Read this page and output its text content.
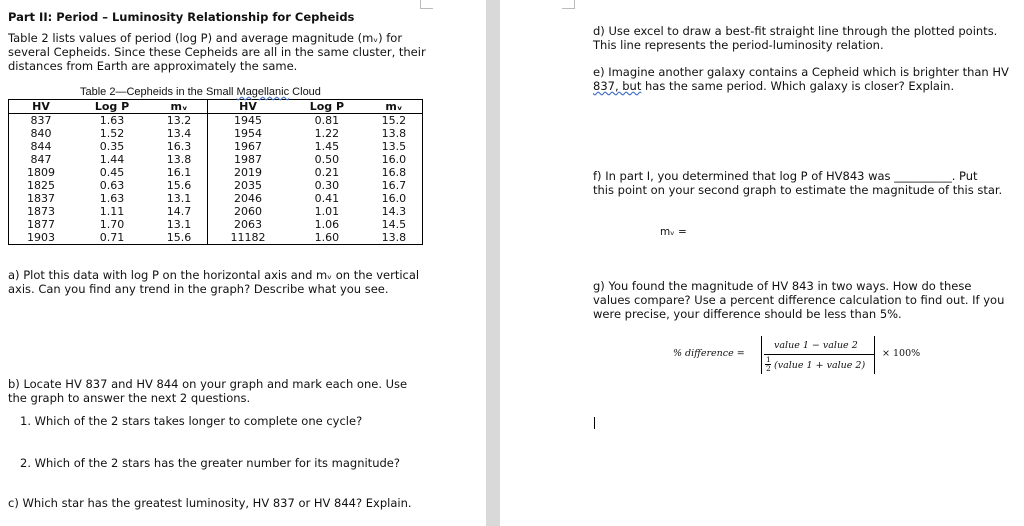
Part II: Period – Luminosity Relationship for Cepheids
Table 2 lists values of period (log P) and average magnitude (mᵥ) for
several Cepheids. Since these Cepheids are all in the same cluster, their
distances from Earth are approximately the same.
Table 2—Cepheids in the Small Magellanic Cloud
HV	Log P	mᵥ	HV	Log P	mᵥ
837	1.63	13.2	1945	0.81	15.2
840	1.52	13.4	1954	1.22	13.8
844	0.35	16.3	1967	1.45	13.5
847	1.44	13.8	1987	0.50	16.0
1809	0.45	16.1	2019	0.21	16.8
1825	0.63	15.6	2035	0.30	16.7
1837	1.63	13.1	2046	0.41	16.0
1873	1.11	14.7	2060	1.01	14.3
1877	1.70	13.1	2063	1.06	14.5
1903	0.71	15.6	11182	1.60	13.8
a) Plot this data with log P on the horizontal axis and mᵥ on the vertical
axis. Can you find any trend in the graph? Describe what you see.
b) Locate HV 837 and HV 844 on your graph and mark each one. Use
the graph to answer the next 2 questions.
1. Which of the 2 stars takes longer to complete one cycle?
2. Which of the 2 stars has the greater number for its magnitude?
c) Which star has the greatest luminosity, HV 837 or HV 844? Explain.
d) Use excel to draw a best-fit straight line through the plotted points.
This line represents the period-luminosity relation.
e) Imagine another galaxy contains a Cepheid which is brighter than HV
837, but has the same period. Which galaxy is closer? Explain.
f) In part I, you determined that log P of HV843 was __________. Put
this point on your second graph to estimate the magnitude of this star.
mᵥ =
g) You found the magnitude of HV 843 in two ways. How do these
values compare? Use a percent difference calculation to find out. If you
were precise, your difference should be less than 5%.
% difference =
value 1 − value 2
1
2 (value 1 + value 2)
× 100%
